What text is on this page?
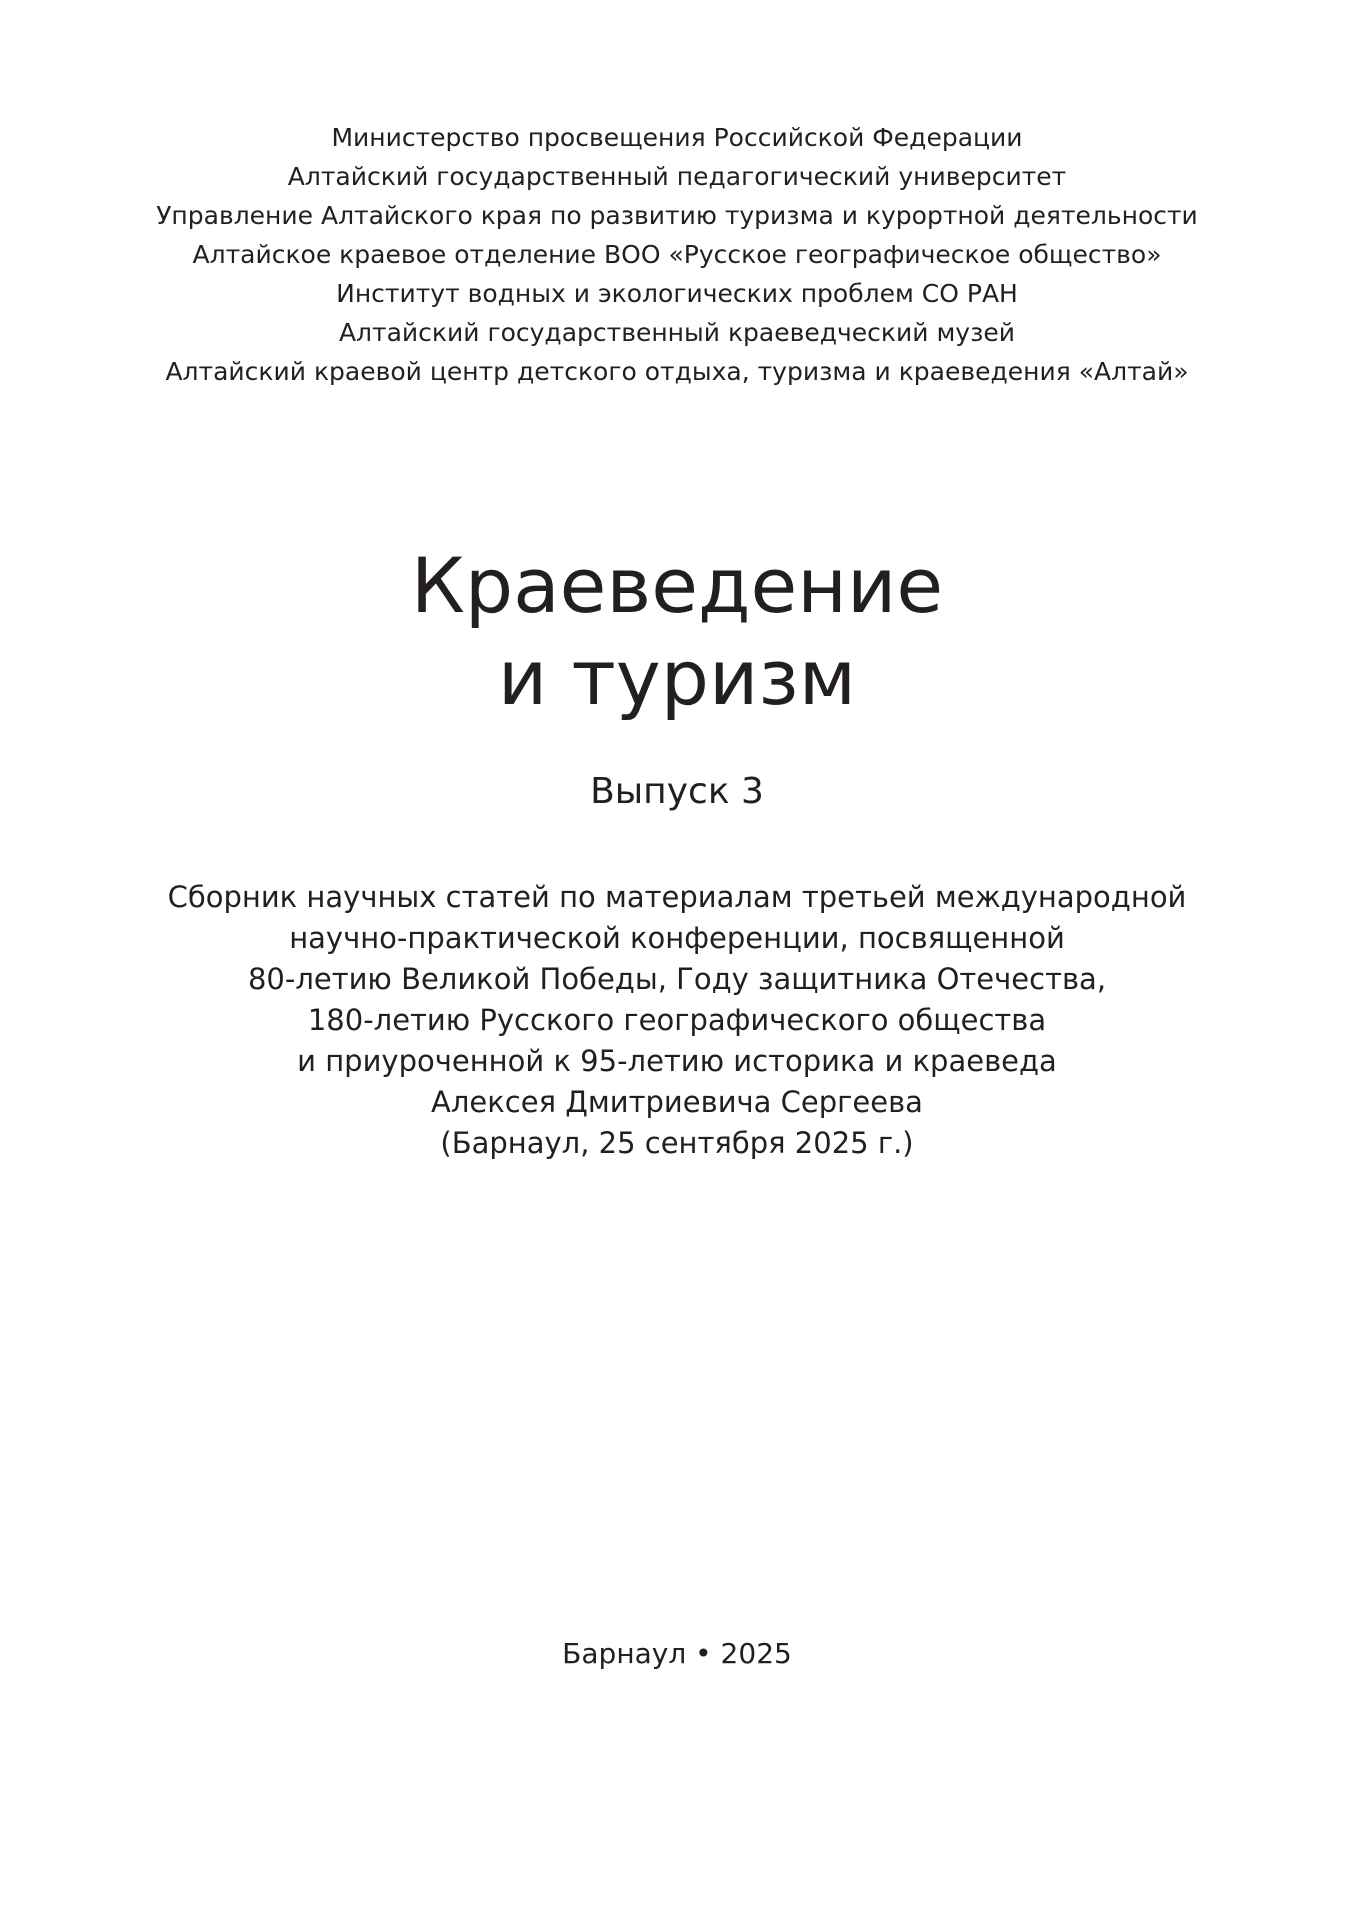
Министерство просвещения Российской Федерации
Алтайский государственный педагогический университет
Управление Алтайского края по развитию туризма и курортной деятельности
Алтайское краевое отделение ВОО «Русское географическое общество»
Институт водных и экологических проблем СО РАН
Алтайский государственный краеведческий музей
Алтайский краевой центр детского отдыха, туризма и краеведения «Алтай»
Краеведение
и туризм
Выпуск 3
Сборник научных статей по материалам третьей международной
научно-практической конференции, посвященной
80-летию Великой Победы, Году защитника Отечества,
180-летию Русского географического общества
и приуроченной к 95-летию историка и краеведа
Алексея Дмитриевича Сергеева
(Барнаул, 25 сентября 2025 г.)
Барнаул • 2025
